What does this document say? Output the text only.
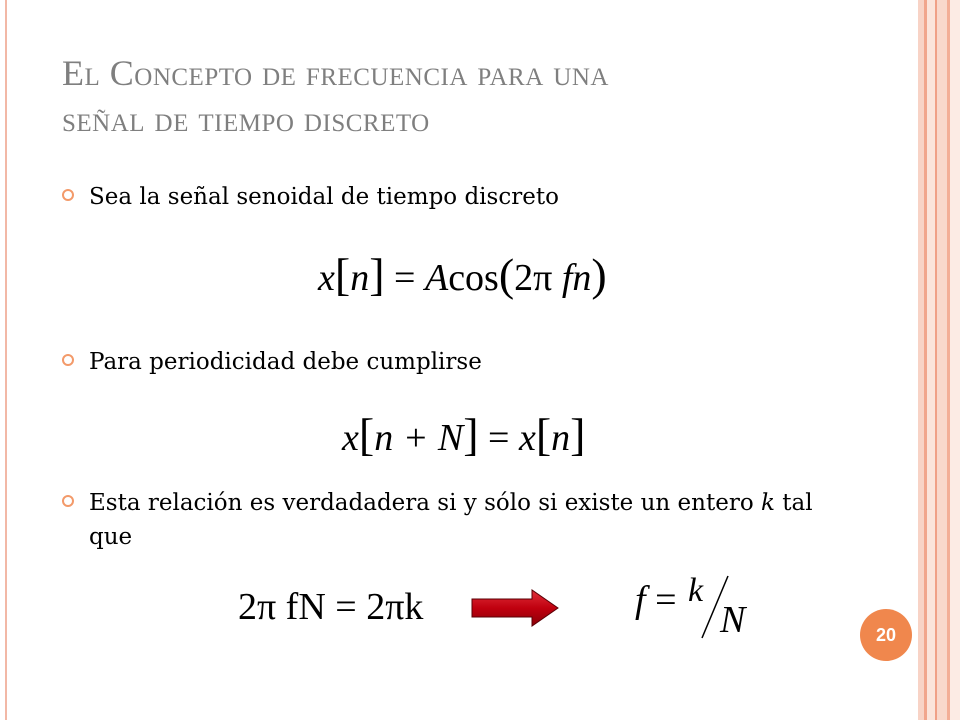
El Concepto de frecuencia para una
señal de tiempo discreto
Sea la señal senoidal de tiempo discreto
x[n] = Acos(2π fn)
Para periodicidad debe cumplirse
x[n + N] = x[n]
Esta relación es verdadadera si y sólo si existe un entero k tal que
2π fN = 2πk	f = k
N	20
